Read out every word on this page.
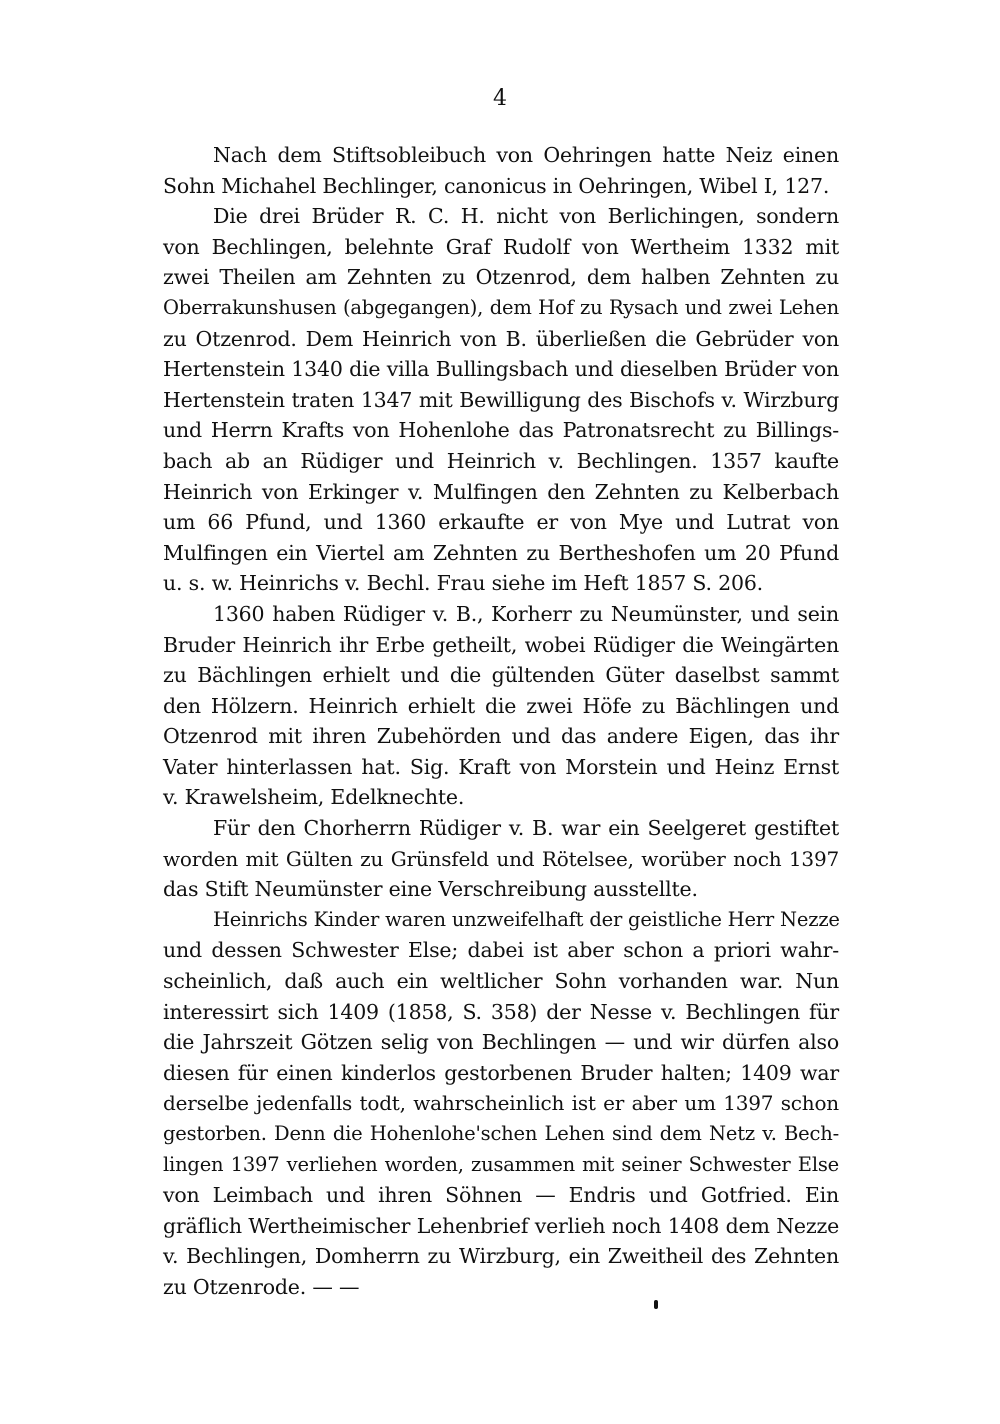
4
Nach dem Stiftsobleibuch von Oehringen hatte Neiz einen
Sohn Michahel Bechlinger, canonicus in Oehringen, Wibel I, 127.
Die drei Brüder R. C. H. nicht von Berlichingen, sondern
von Bechlingen, belehnte Graf Rudolf von Wertheim 1332 mit
zwei Theilen am Zehnten zu Otzenrod, dem halben Zehnten zu
Oberrakunshusen (abgegangen), dem Hof zu Rysach und zwei Lehen
zu Otzenrod. Dem Heinrich von B. überließen die Gebrüder von
Hertenstein 1340 die villa Bullingsbach und dieselben Brüder von
Hertenstein traten 1347 mit Bewilligung des Bischofs v. Wirzburg
und Herrn Krafts von Hohenlohe das Patronatsrecht zu Billings-
bach ab an Rüdiger und Heinrich v. Bechlingen. 1357 kaufte
Heinrich von Erkinger v. Mulfingen den Zehnten zu Kelberbach
um 66 Pfund, und 1360 erkaufte er von Mye und Lutrat von
Mulfingen ein Viertel am Zehnten zu Bertheshofen um 20 Pfund
u. s. w. Heinrichs v. Bechl. Frau siehe im Heft 1857 S. 206.
1360 haben Rüdiger v. B., Korherr zu Neumünster, und sein
Bruder Heinrich ihr Erbe getheilt, wobei Rüdiger die Weingärten
zu Bächlingen erhielt und die gültenden Güter daselbst sammt
den Hölzern. Heinrich erhielt die zwei Höfe zu Bächlingen und
Otzenrod mit ihren Zubehörden und das andere Eigen, das ihr
Vater hinterlassen hat. Sig. Kraft von Morstein und Heinz Ernst
v. Krawelsheim, Edelknechte.
Für den Chorherrn Rüdiger v. B. war ein Seelgeret gestiftet
worden mit Gülten zu Grünsfeld und Rötelsee, worüber noch 1397
das Stift Neumünster eine Verschreibung ausstellte.
Heinrichs Kinder waren unzweifelhaft der geistliche Herr Nezze
und dessen Schwester Else; dabei ist aber schon a priori wahr-
scheinlich, daß auch ein weltlicher Sohn vorhanden war. Nun
interessirt sich 1409 (1858, S. 358) der Nesse v. Bechlingen für
die Jahrszeit Götzen selig von Bechlingen — und wir dürfen also
diesen für einen kinderlos gestorbenen Bruder halten; 1409 war
derselbe jedenfalls todt, wahrscheinlich ist er aber um 1397 schon
gestorben. Denn die Hohenlohe'schen Lehen sind dem Netz v. Bech-
lingen 1397 verliehen worden, zusammen mit seiner Schwester Else
von Leimbach und ihren Söhnen — Endris und Gotfried. Ein
gräflich Wertheimischer Lehenbrief verlieh noch 1408 dem Nezze
v. Bechlingen, Domherrn zu Wirzburg, ein Zweitheil des Zehnten
zu Otzenrode. — —
